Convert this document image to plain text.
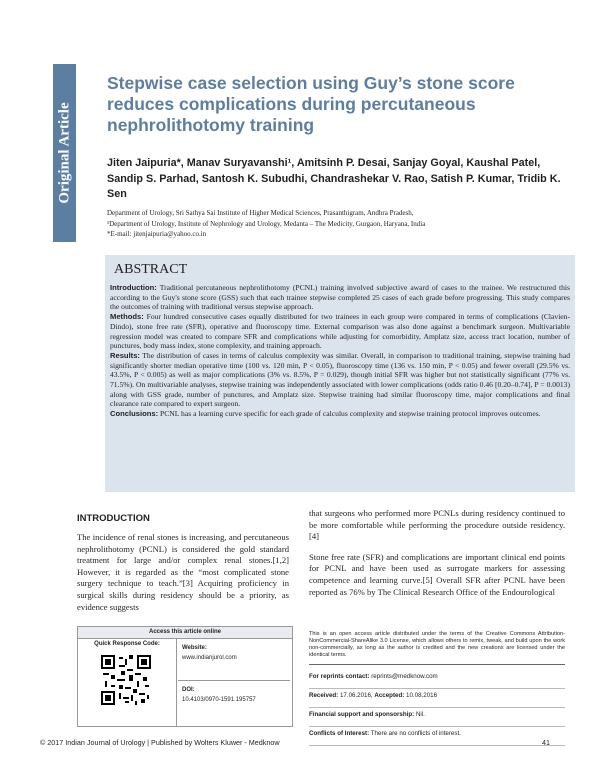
Original Article
Stepwise case selection using Guy’s stone score reduces complications during percutaneous nephrolithotomy training

Jiten Jaipuria*, Manav Suryavanshi¹, Amitsinh P. Desai, Sanjay Goyal, Kaushal Patel, Sandip S. Parhad, Santosh K. Subudhi, Chandrashekar V. Rao, Satish P. Kumar, Tridib K. Sen

Department of Urology, Sri Sathya Sai Institute of Higher Medical Sciences, Prasanthigram, Andhra Pradesh,

¹Department of Urology, Institute of Nephrology and Urology, Medanta – The Medicity, Gurgaon, Haryana, India

*E-mail: jitenjaipuria@yahoo.co.in

ABSTRACT

Introduction: Traditional percutaneous nephrolithotomy (PCNL) training involved subjective award of cases to the trainee. We restructured this according to the Guy's stone score (GSS) such that each trainee stepwise completed 25 cases of each grade before progressing. This study compares the outcomes of training with traditional versus stepwise approach.

Methods: Four hundred consecutive cases equally distributed for two trainees in each group were compared in terms of complications (Clavien-Dindo), stone free rate (SFR), operative and fluoroscopy time. External comparison was also done against a benchmark surgeon. Multivariable regression model was created to compare SFR and complications while adjusting for comorbidity, Amplatz size, access tract location, number of punctures, body mass index, stone complexity, and training approach.

Results: The distribution of cases in terms of calculus complexity was similar. Overall, in comparison to traditional training, stepwise training had significantly shorter median operative time (100 vs. 120 min, P < 0.05), fluoroscopy time (136 vs. 150 min, P < 0.05) and fewer overall (29.5% vs. 43.5%, P < 0.005) as well as major complications (3% vs. 8.5%, P = 0.029), though initial SFR was higher but not statistically significant (77% vs. 71.5%). On multivariable analyses, stepwise training was independently associated with lower complications (odds ratio 0.46 [0.20–0.74], P = 0.0013) along with GSS grade, number of punctures, and Amplatz size. Stepwise training had similar fluoroscopy time, major complications and final clearance rate compared to expert surgeon.

Conclusions: PCNL has a learning curve specific for each grade of calculus complexity and stepwise training protocol improves outcomes.

INTRODUCTION

The incidence of renal stones is increasing, and percutaneous nephrolithotomy (PCNL) is considered the gold standard treatment for large and/or complex renal stones.[1,2] However, it is regarded as the “most complicated stone surgery technique to teach.”[3] Acquiring proficiency in surgical skills during residency should be a priority, as evidence suggests

that surgeons who performed more PCNLs during residency continued to be more comfortable while performing the procedure outside residency.[4]

Stone free rate (SFR) and complications are important clinical end points for PCNL and have been used as surrogate markers for assessing competence and learning curve.[5] Overall SFR after PCNL have been reported as 76% by The Clinical Research Office of the Endourological

Access this article online
Quick Response Code:
Website:
www.indianjurol.com
DOI:
10.4103/0970-1591.195757
This is an open access article distributed under the terms of the Creative Commons Attribution-NonCommercial-ShareAlike 3.0 License, which allows others to remix, tweak, and build upon the work non-commercially, as long as the author is credited and the new creations are licensed under the identical terms.

For reprints contact: reprints@medknow.com

Received: 17.06.2016, Accepted: 10.08.2016

Financial support and sponsorship: Nil.

Conflicts of Interest: There are no conflicts of interest.

© 2017 Indian Journal of Urology | Published by Wolters Kluwer - Medknow	41
